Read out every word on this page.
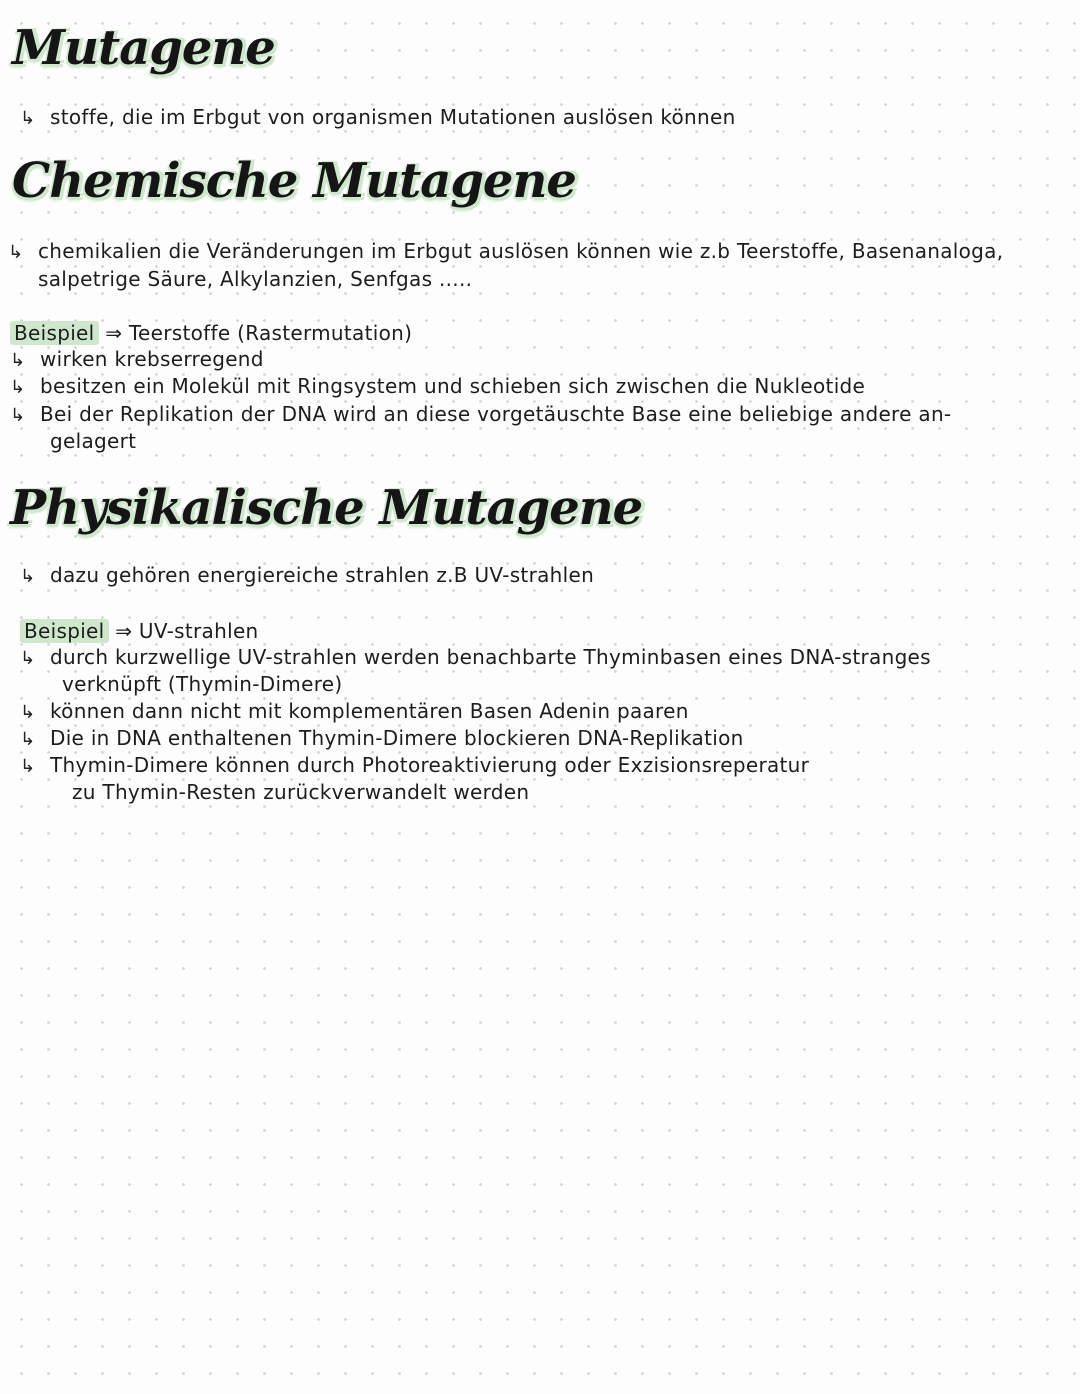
Mutagene
↳ stoffe, die im Erbgut von organismen Mutationen auslösen können
Chemische Mutagene
↳ chemikalien die Veränderungen im Erbgut auslösen können wie z.b Teerstoffe, Basenanaloga,
salpetrige Säure, Alkylanzien, Senfgas .....
Beispiel ⇒ Teerstoffe (Rastermutation)
↳ wirken krebserregend
↳ besitzen ein Molekül mit Ringsystem und schieben sich zwischen die Nukleotide
↳ Bei der Replikation der DNA wird an diese vorgetäuschte Base eine beliebige andere an-
gelagert
Physikalische Mutagene
↳ dazu gehören energiereiche strahlen z.B UV-strahlen
Beispiel ⇒ UV-strahlen
↳ durch kurzwellige UV-strahlen werden benachbarte Thyminbasen eines DNA-stranges
verknüpft (Thymin-Dimere)
↳ können dann nicht mit komplementären Basen Adenin paaren
↳ Die in DNA enthaltenen Thymin-Dimere blockieren DNA-Replikation
↳ Thymin-Dimere können durch Photoreaktivierung oder Exzisionsreperatur
zu Thymin-Resten zurückverwandelt werden
